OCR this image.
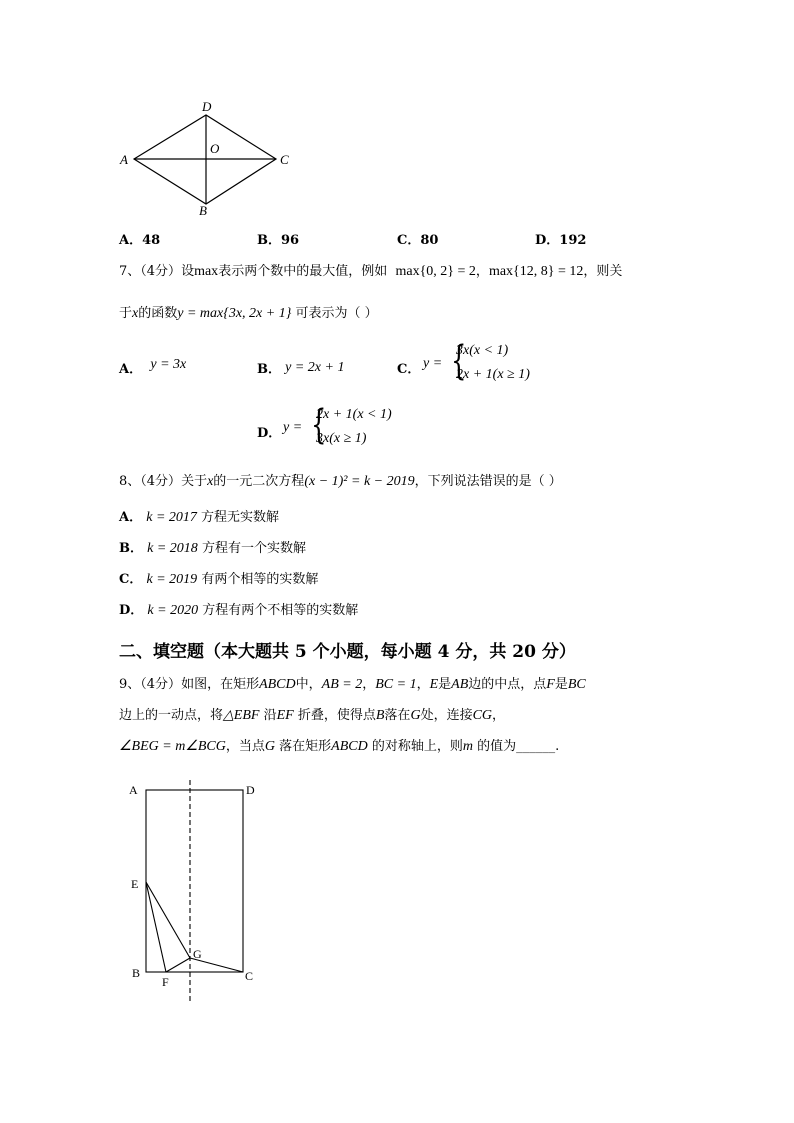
D
A	C
O
B
A．48	B．96	C．80	D．192
7、（4分）设max表示两个数中的最大值，例如 max{0, 2} = 2，max{12, 8} = 12，则关
于x的函数y = max{3x, 2x + 1} 可表示为（ ）
A． y = 3x	B． y = 2x + 1	C． y = {
3x(x < 1)
2x + 1(x ≥ 1)
D． y = {
2x + 1(x < 1)
3x(x ≥ 1)
8、（4分）关于x的一元二次方程(x − 1)² = k − 2019，下列说法错误的是（ ）
A． k = 2017 方程无实数解
B． k = 2018 方程有一个实数解
C． k = 2019 有两个相等的实数解
D． k = 2020 方程有两个不相等的实数解
二、填空题（本大题共 5 个小题，每小题 4 分，共 20 分）
9、（4分）如图，在矩形ABCD中，AB = 2，BC = 1，E是AB边的中点，点F是BC
边上的一动点，将△EBF 沿EF 折叠，使得点B落在G处，连接CG，
∠BEG = m∠BCG，当点G 落在矩形ABCD 的对称轴上，则m 的值为______.
A	D
E
G
B
F	C
